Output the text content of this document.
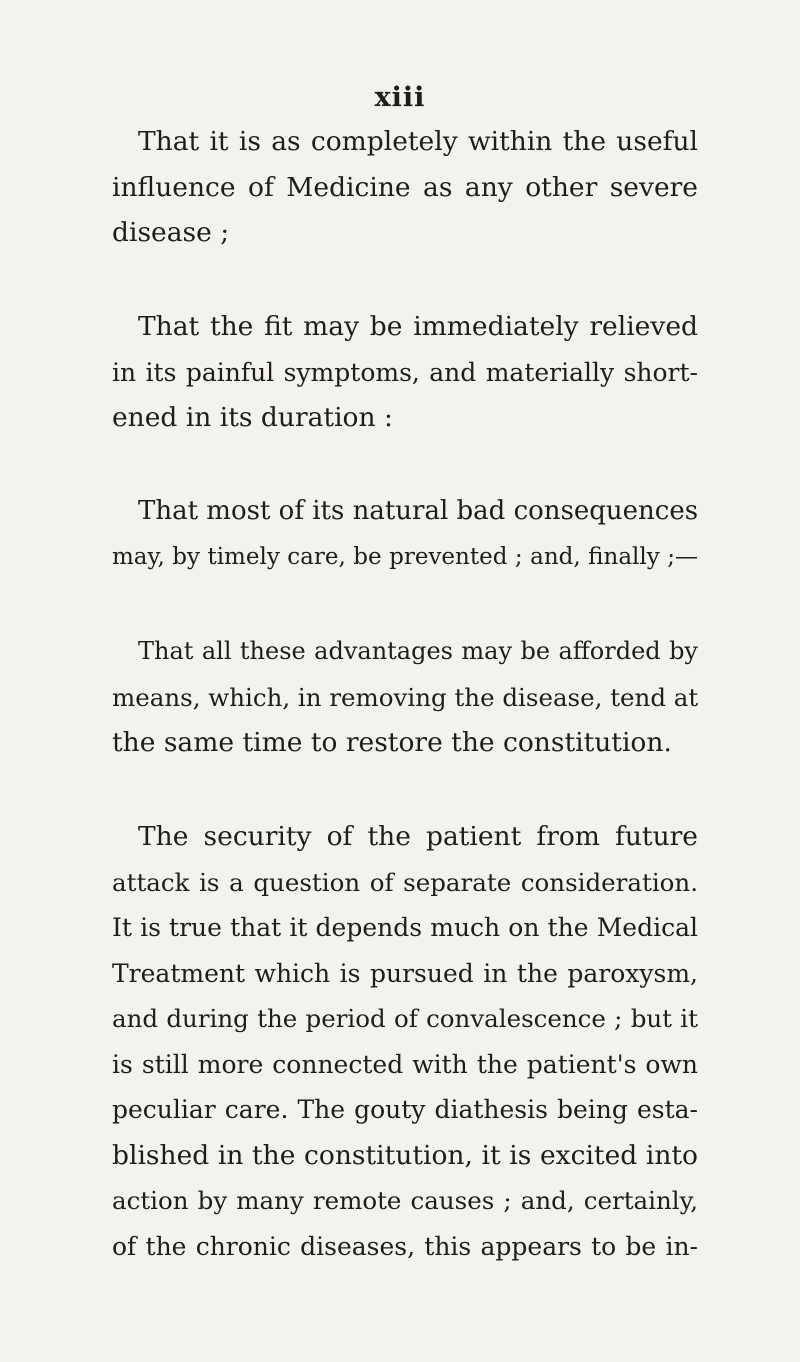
xiii
That it is as completely within the useful
influence of Medicine as any other severe
disease ;
That the fit may be immediately relieved
in its painful symptoms, and materially short-
ened in its duration :
That most of its natural bad consequences
may, by timely care, be prevented ; and, finally ;—
That all these advantages may be afforded by
means, which, in removing the disease, tend at
the same time to restore the constitution.
The security of the patient from future
attack is a question of separate consideration.
It is true that it depends much on the Medical
Treatment which is pursued in the paroxysm,
and during the period of convalescence ; but it
is still more connected with the patient's own
peculiar care. The gouty diathesis being esta-
blished in the constitution, it is excited into
action by many remote causes ; and, certainly,
of the chronic diseases, this appears to be in-
